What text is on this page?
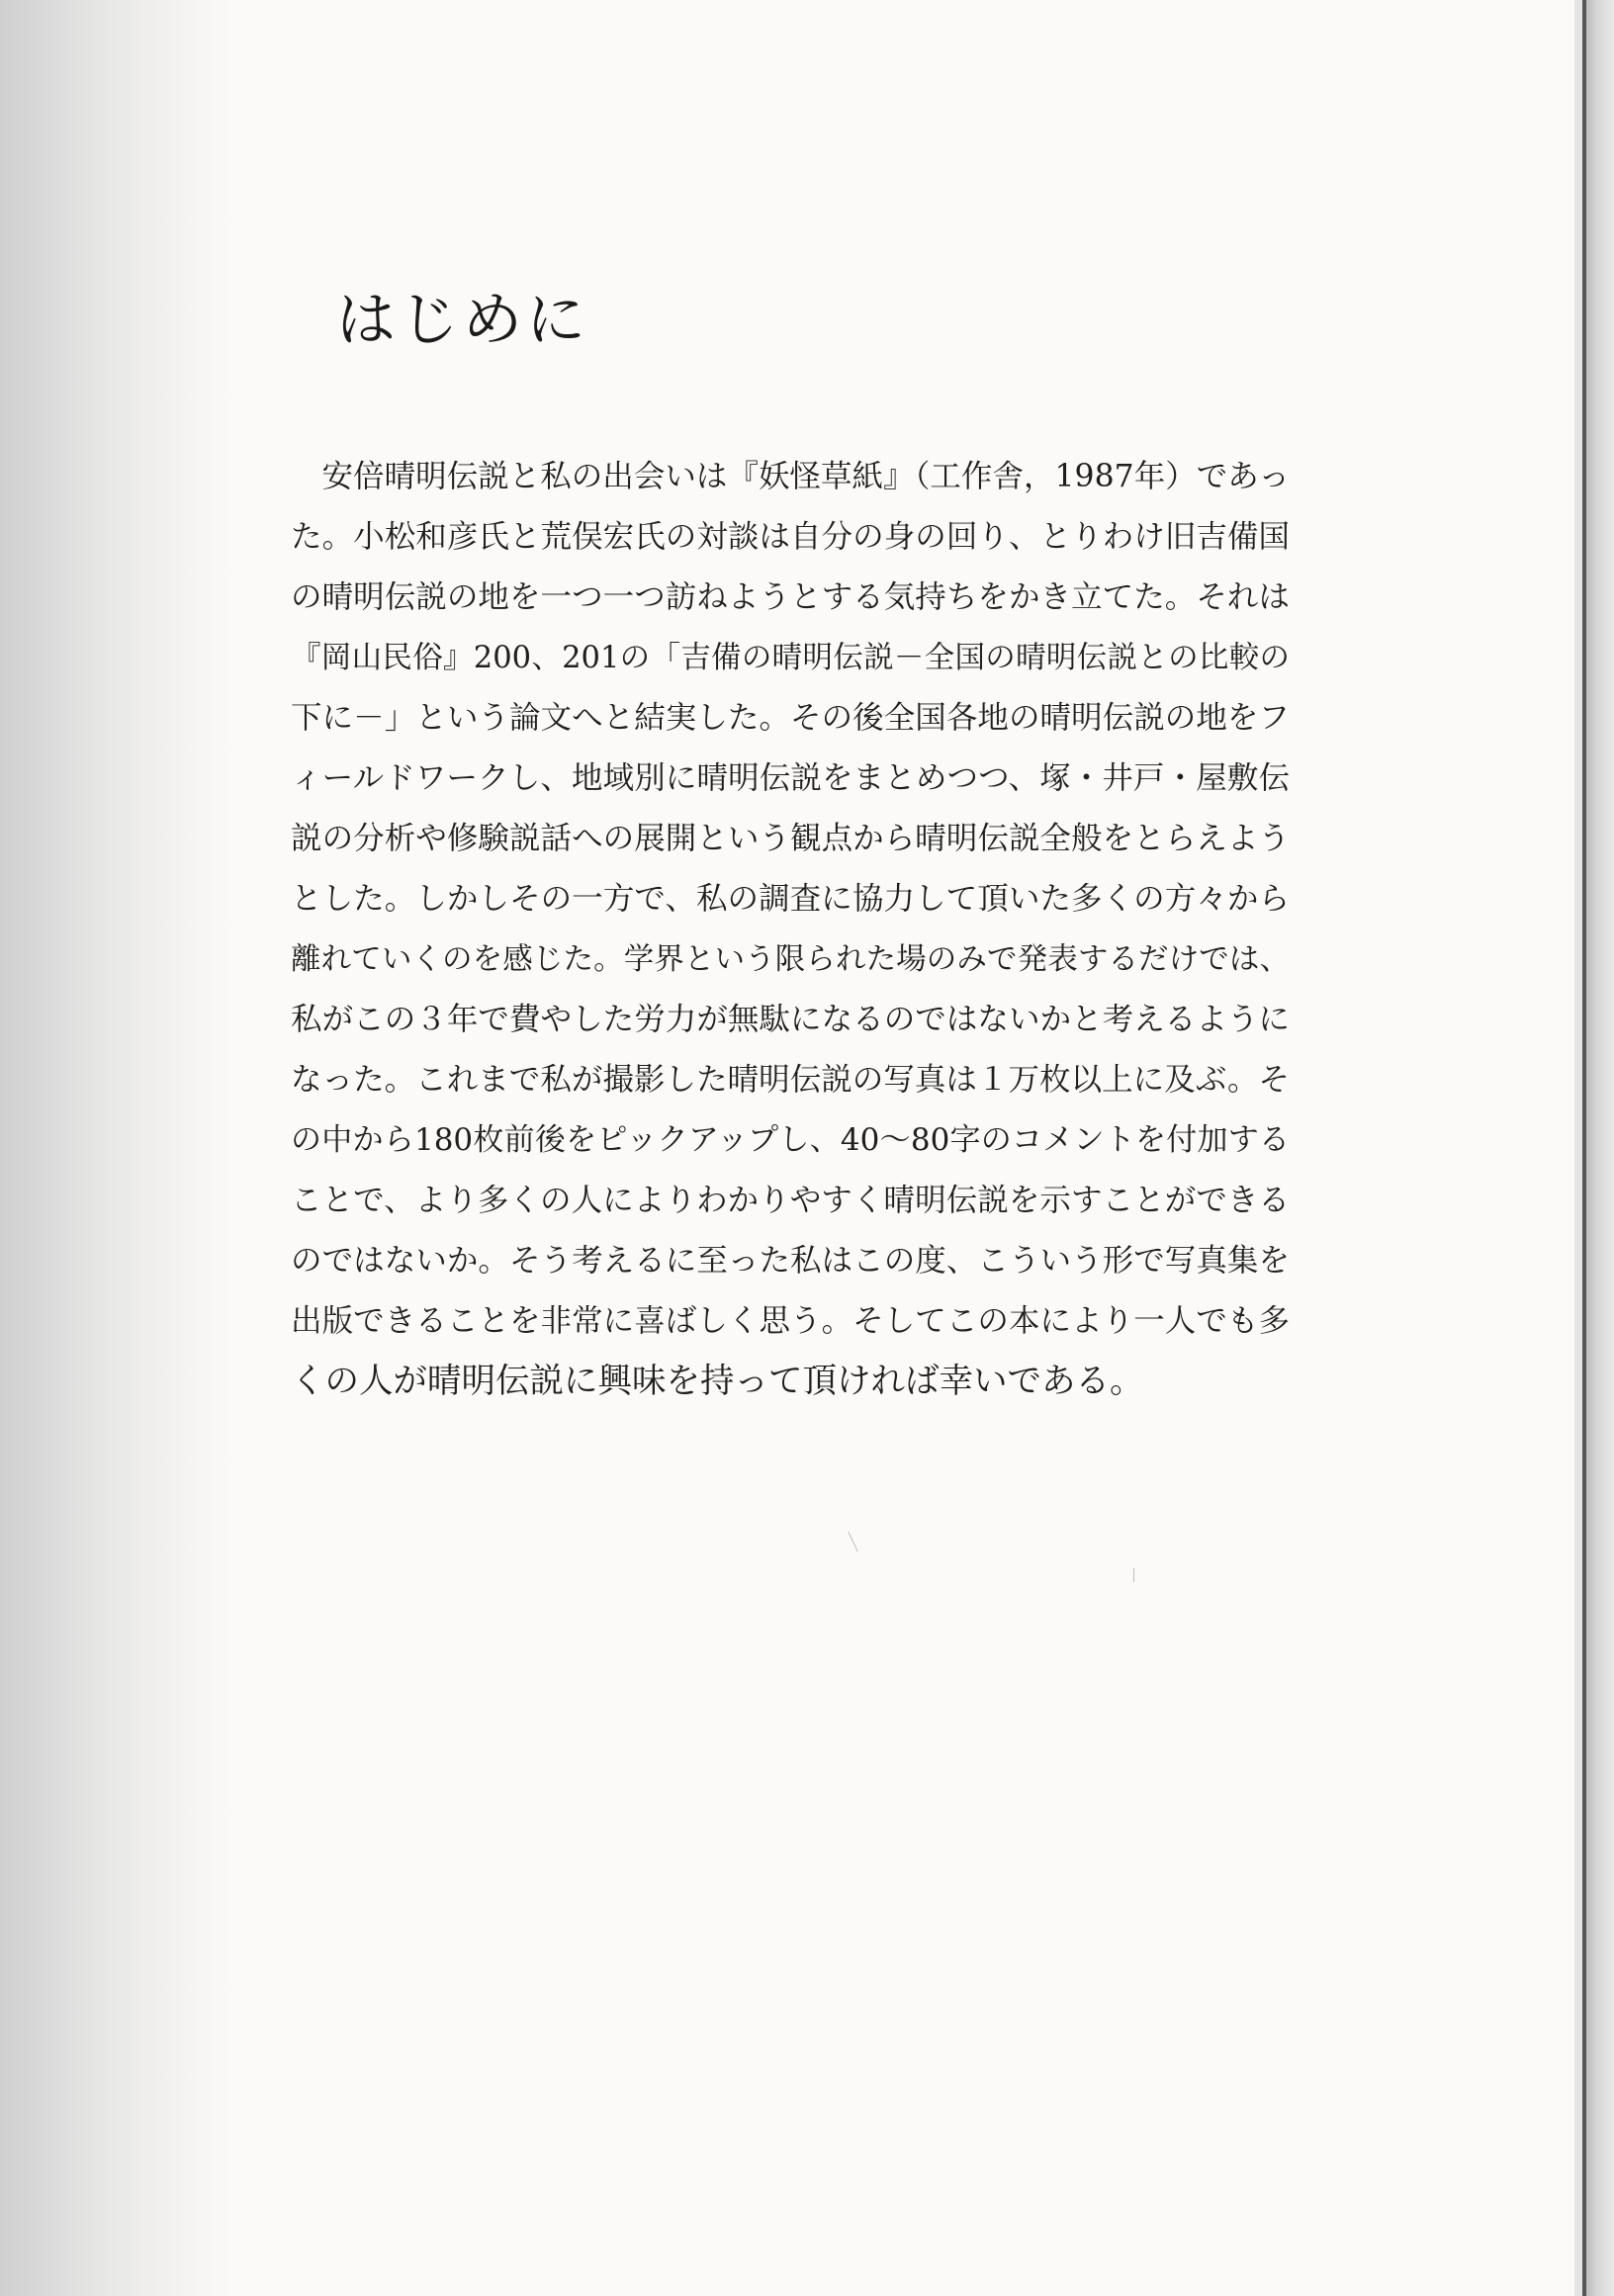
はじめに
　安倍晴明伝説と私の出会いは『妖怪草紙』（工作舎，1987年）であっ
た。小松和彦氏と荒俣宏氏の対談は自分の身の回り、とりわけ旧吉備国
の晴明伝説の地を一つ一つ訪ねようとする気持ちをかき立てた。それは
『岡山民俗』200、201の「吉備の晴明伝説－全国の晴明伝説との比較の
下に－」という論文へと結実した。その後全国各地の晴明伝説の地をフ
ィールドワークし、地域別に晴明伝説をまとめつつ、塚・井戸・屋敷伝
説の分析や修験説話への展開という観点から晴明伝説全般をとらえよう
とした。しかしその一方で、私の調査に協力して頂いた多くの方々から
離れていくのを感じた。学界という限られた場のみで発表するだけでは、
私がこの３年で費やした労力が無駄になるのではないかと考えるように
なった。これまで私が撮影した晴明伝説の写真は１万枚以上に及ぶ。そ
の中から180枚前後をピックアップし、40～80字のコメントを付加する
ことで、より多くの人によりわかりやすく晴明伝説を示すことができる
のではないか。そう考えるに至った私はこの度、こういう形で写真集を
出版できることを非常に喜ばしく思う。そしてこの本により一人でも多
くの人が晴明伝説に興味を持って頂ければ幸いである。
